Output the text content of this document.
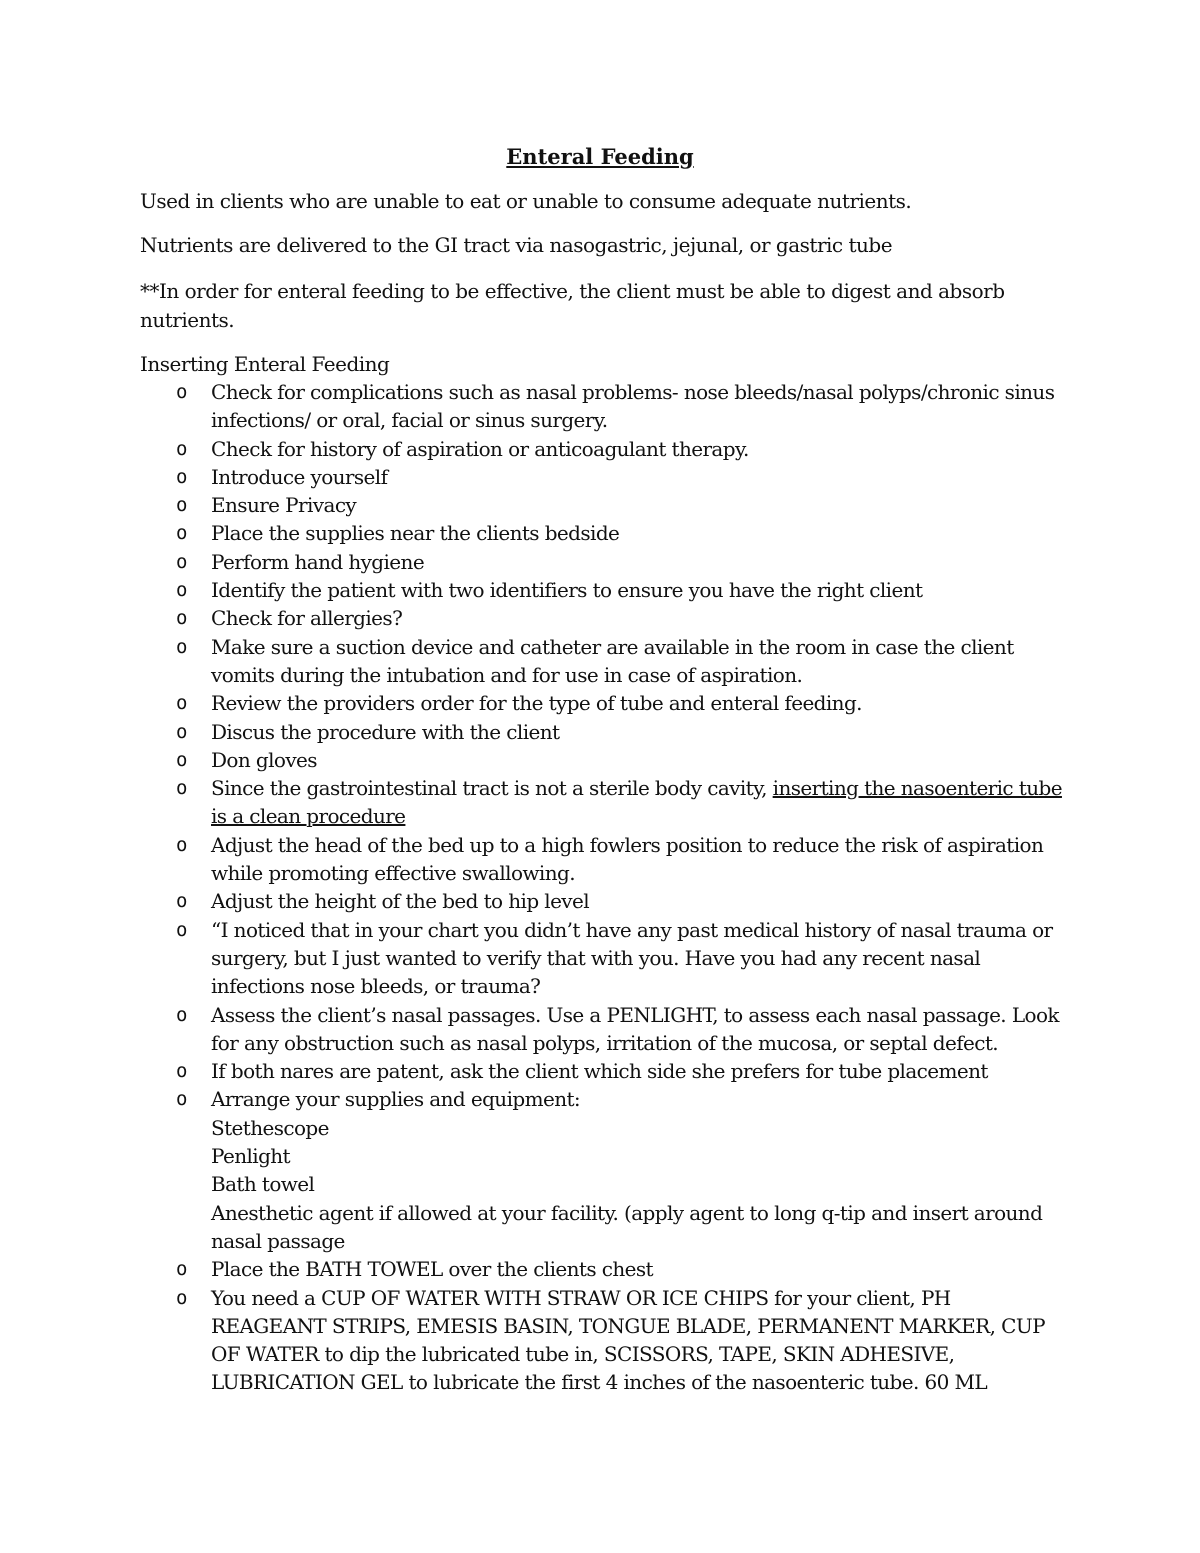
Enteral Feeding
Used in clients who are unable to eat or unable to consume adequate nutrients.
Nutrients are delivered to the GI tract via nasogastric, jejunal, or gastric tube
**In order for enteral feeding to be effective, the client must be able to digest and absorb nutrients.
Inserting Enteral Feeding
o Check for complications such as nasal problems- nose bleeds/nasal polyps/chronic sinus infections/ or oral, facial or sinus surgery.
o Check for history of aspiration or anticoagulant therapy.
o Introduce yourself
o Ensure Privacy
o Place the supplies near the clients bedside
o Perform hand hygiene
o Identify the patient with two identifiers to ensure you have the right client
o Check for allergies?
o Make sure a suction device and catheter are available in the room in case the client vomits during the intubation and for use in case of aspiration.
o Review the providers order for the type of tube and enteral feeding.
o Discus the procedure with the client
o Don gloves
o Since the gastrointestinal tract is not a sterile body cavity, inserting the nasoenteric tube is a clean procedure
o Adjust the head of the bed up to a high fowlers position to reduce the risk of aspiration while promoting effective swallowing.
o Adjust the height of the bed to hip level
o “I noticed that in your chart you didn’t have any past medical history of nasal trauma or surgery, but I just wanted to verify that with you. Have you had any recent nasal infections nose bleeds, or trauma?
o Assess the client’s nasal passages. Use a PENLIGHT, to assess each nasal passage. Look for any obstruction such as nasal polyps, irritation of the mucosa, or septal defect.
o If both nares are patent, ask the client which side she prefers for tube placement
o Arrange your supplies and equipment:
Stethescope
Penlight
Bath towel
Anesthetic agent if allowed at your facility. (apply agent to long q-tip and insert around nasal passage
o Place the BATH TOWEL over the clients chest
o You need a CUP OF WATER WITH STRAW OR ICE CHIPS for your client, PH REAGEANT STRIPS, EMESIS BASIN, TONGUE BLADE, PERMANENT MARKER, CUP OF WATER to dip the lubricated tube in, SCISSORS, TAPE, SKIN ADHESIVE, LUBRICATION GEL to lubricate the first 4 inches of the nasoenteric tube. 60 ML
